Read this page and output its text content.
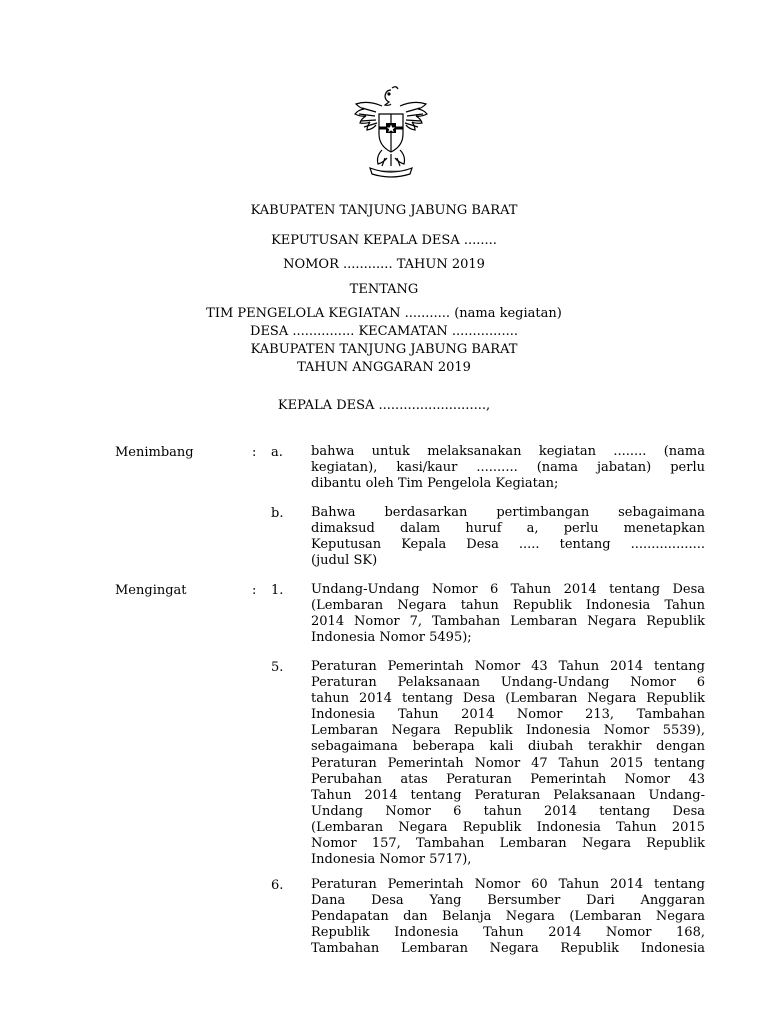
KABUPATEN TANJUNG JABUNG BARAT
KEPUTUSAN KEPALA DESA ........
NOMOR ............ TAHUN 2019
TENTANG
TIM PENGELOLA KEGIATAN ........... (nama kegiatan)
DESA ............... KECAMATAN ................
KABUPATEN TANJUNG JABUNG BARAT
TAHUN ANGGARAN 2019
KEPALA DESA ..........................,
Menimbang	: a. bahwa untuk melaksanakan kegiatan ........ (nama
kegiatan), kasi/kaur .......... (nama jabatan) perlu
dibantu oleh Tim Pengelola Kegiatan;
b. Bahwa berdasarkan pertimbangan sebagaimana
dimaksud dalam huruf a, perlu menetapkan
Keputusan Kepala Desa ..... tentang ..................
(judul SK)
Mengingat	: 1. Undang-Undang Nomor 6 Tahun 2014 tentang Desa
(Lembaran Negara tahun Republik Indonesia Tahun
2014 Nomor 7, Tambahan Lembaran Negara Republik
Indonesia Nomor 5495);
5. Peraturan Pemerintah Nomor 43 Tahun 2014 tentang
Peraturan Pelaksanaan Undang-Undang Nomor 6
tahun 2014 tentang Desa (Lembaran Negara Republik
Indonesia Tahun 2014 Nomor 213, Tambahan
Lembaran Negara Republik Indonesia Nomor 5539),
sebagaimana beberapa kali diubah terakhir dengan
Peraturan Pemerintah Nomor 47 Tahun 2015 tentang
Perubahan atas Peraturan Pemerintah Nomor 43
Tahun 2014 tentang Peraturan Pelaksanaan Undang-
Undang Nomor 6 tahun 2014 tentang Desa
(Lembaran Negara Republik Indonesia Tahun 2015
Nomor 157, Tambahan Lembaran Negara Republik
Indonesia Nomor 5717),
6. Peraturan Pemerintah Nomor 60 Tahun 2014 tentang
Dana Desa Yang Bersumber Dari Anggaran
Pendapatan dan Belanja Negara (Lembaran Negara
Republik Indonesia Tahun 2014 Nomor 168,
Tambahan Lembaran Negara Republik Indonesia
